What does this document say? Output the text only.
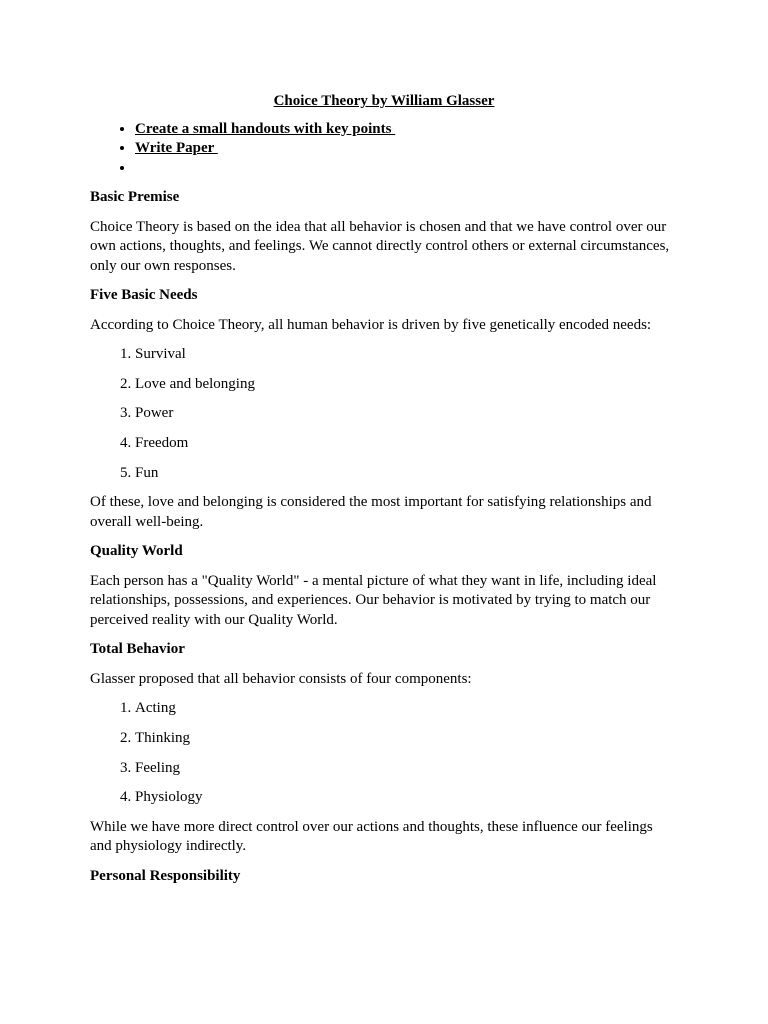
Choice Theory by William Glasser
• Create a small handouts with key points
• Write Paper
•
Basic Premise

Choice Theory is based on the idea that all behavior is chosen and that we have control over our own actions, thoughts, and feelings. We cannot directly control others or external circumstances, only our own responses.

Five Basic Needs

According to Choice Theory, all human behavior is driven by five genetically encoded needs:

1. Survival
2. Love and belonging
3. Power
4. Freedom
5. Fun

Of these, love and belonging is considered the most important for satisfying relationships and overall well-being.

Quality World

Each person has a "Quality World" - a mental picture of what they want in life, including ideal relationships, possessions, and experiences. Our behavior is motivated by trying to match our perceived reality with our Quality World.

Total Behavior

Glasser proposed that all behavior consists of four components:

1. Acting
2. Thinking
3. Feeling
4. Physiology

While we have more direct control over our actions and thoughts, these influence our feelings and physiology indirectly.

Personal Responsibility
